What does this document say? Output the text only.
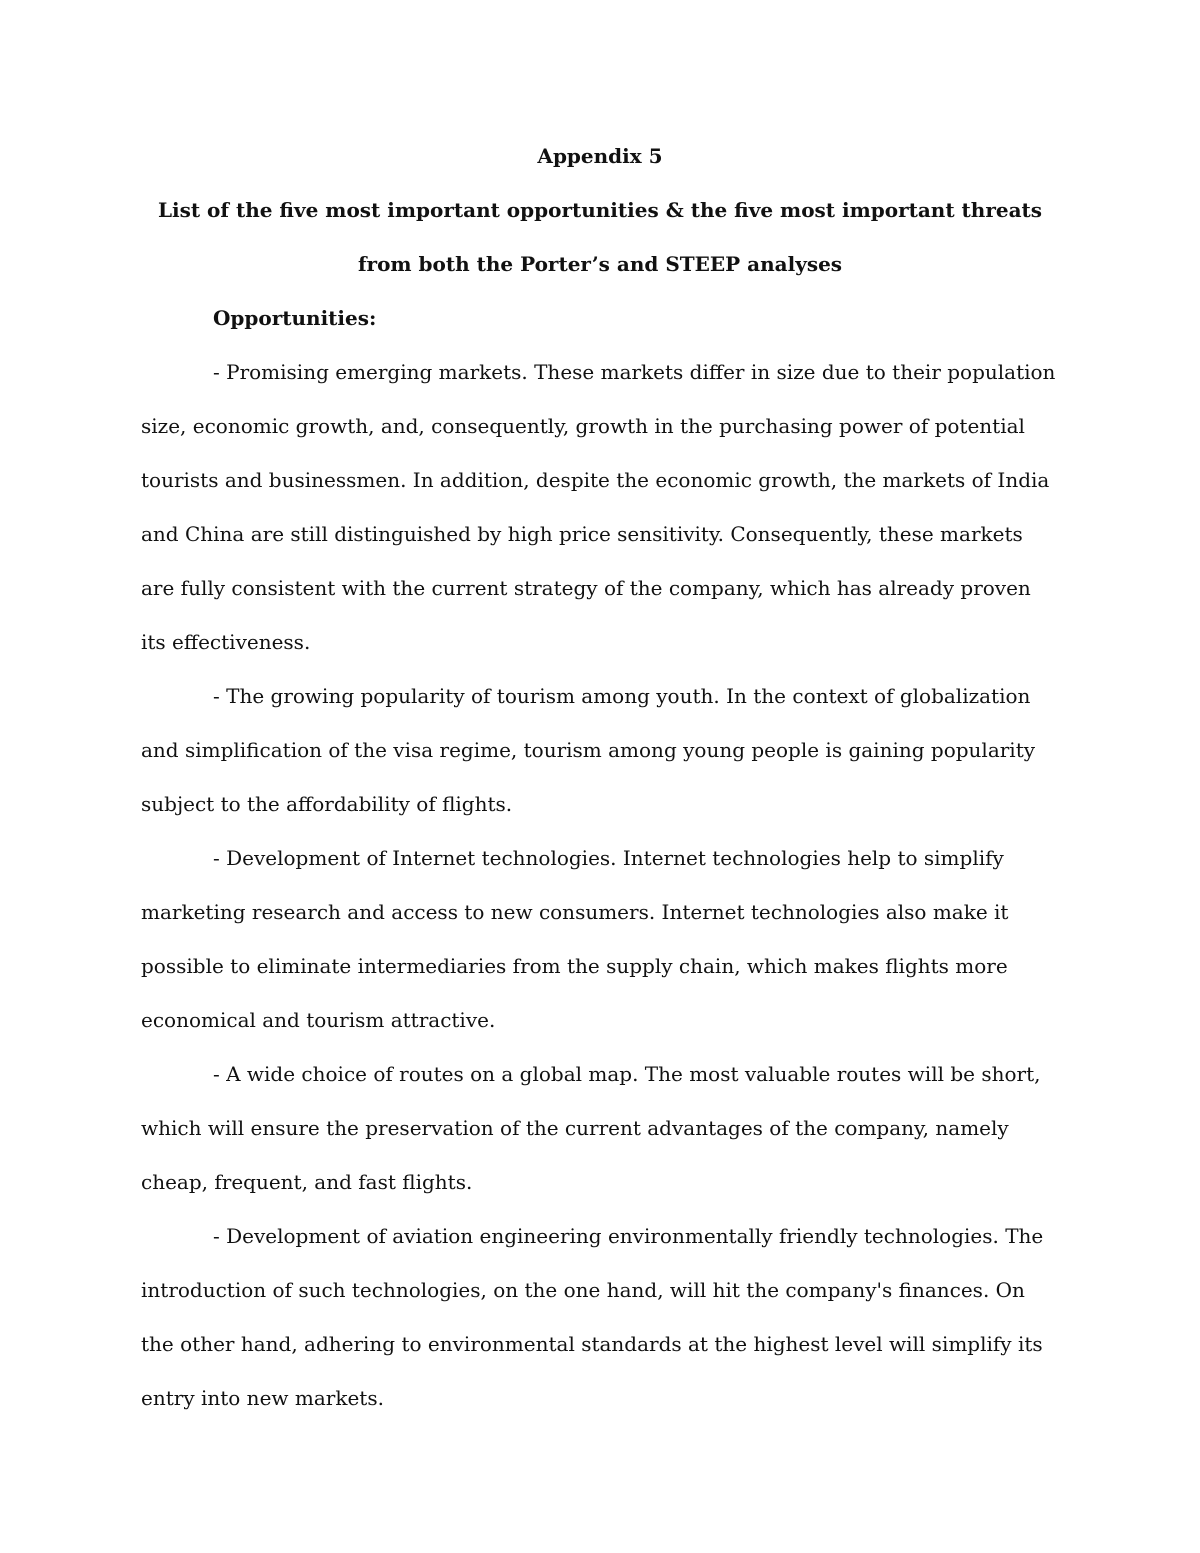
Appendix 5

List of the five most important opportunities & the five most important threats from both the Porter’s and STEEP analyses

Opportunities:

- Promising emerging markets. These markets differ in size due to their population size, economic growth, and, consequently, growth in the purchasing power of potential tourists and businessmen. In addition, despite the economic growth, the markets of India and China are still distinguished by high price sensitivity. Consequently, these markets are fully consistent with the current strategy of the company, which has already proven its effectiveness.

- The growing popularity of tourism among youth. In the context of globalization and simplification of the visa regime, tourism among young people is gaining popularity subject to the affordability of flights.

- Development of Internet technologies. Internet technologies help to simplify marketing research and access to new consumers. Internet technologies also make it possible to eliminate intermediaries from the supply chain, which makes flights more economical and tourism attractive.

- A wide choice of routes on a global map. The most valuable routes will be short, which will ensure the preservation of the current advantages of the company, namely cheap, frequent, and fast flights.

- Development of aviation engineering environmentally friendly technologies. The introduction of such technologies, on the one hand, will hit the company's finances. On the other hand, adhering to environmental standards at the highest level will simplify its entry into new markets.
